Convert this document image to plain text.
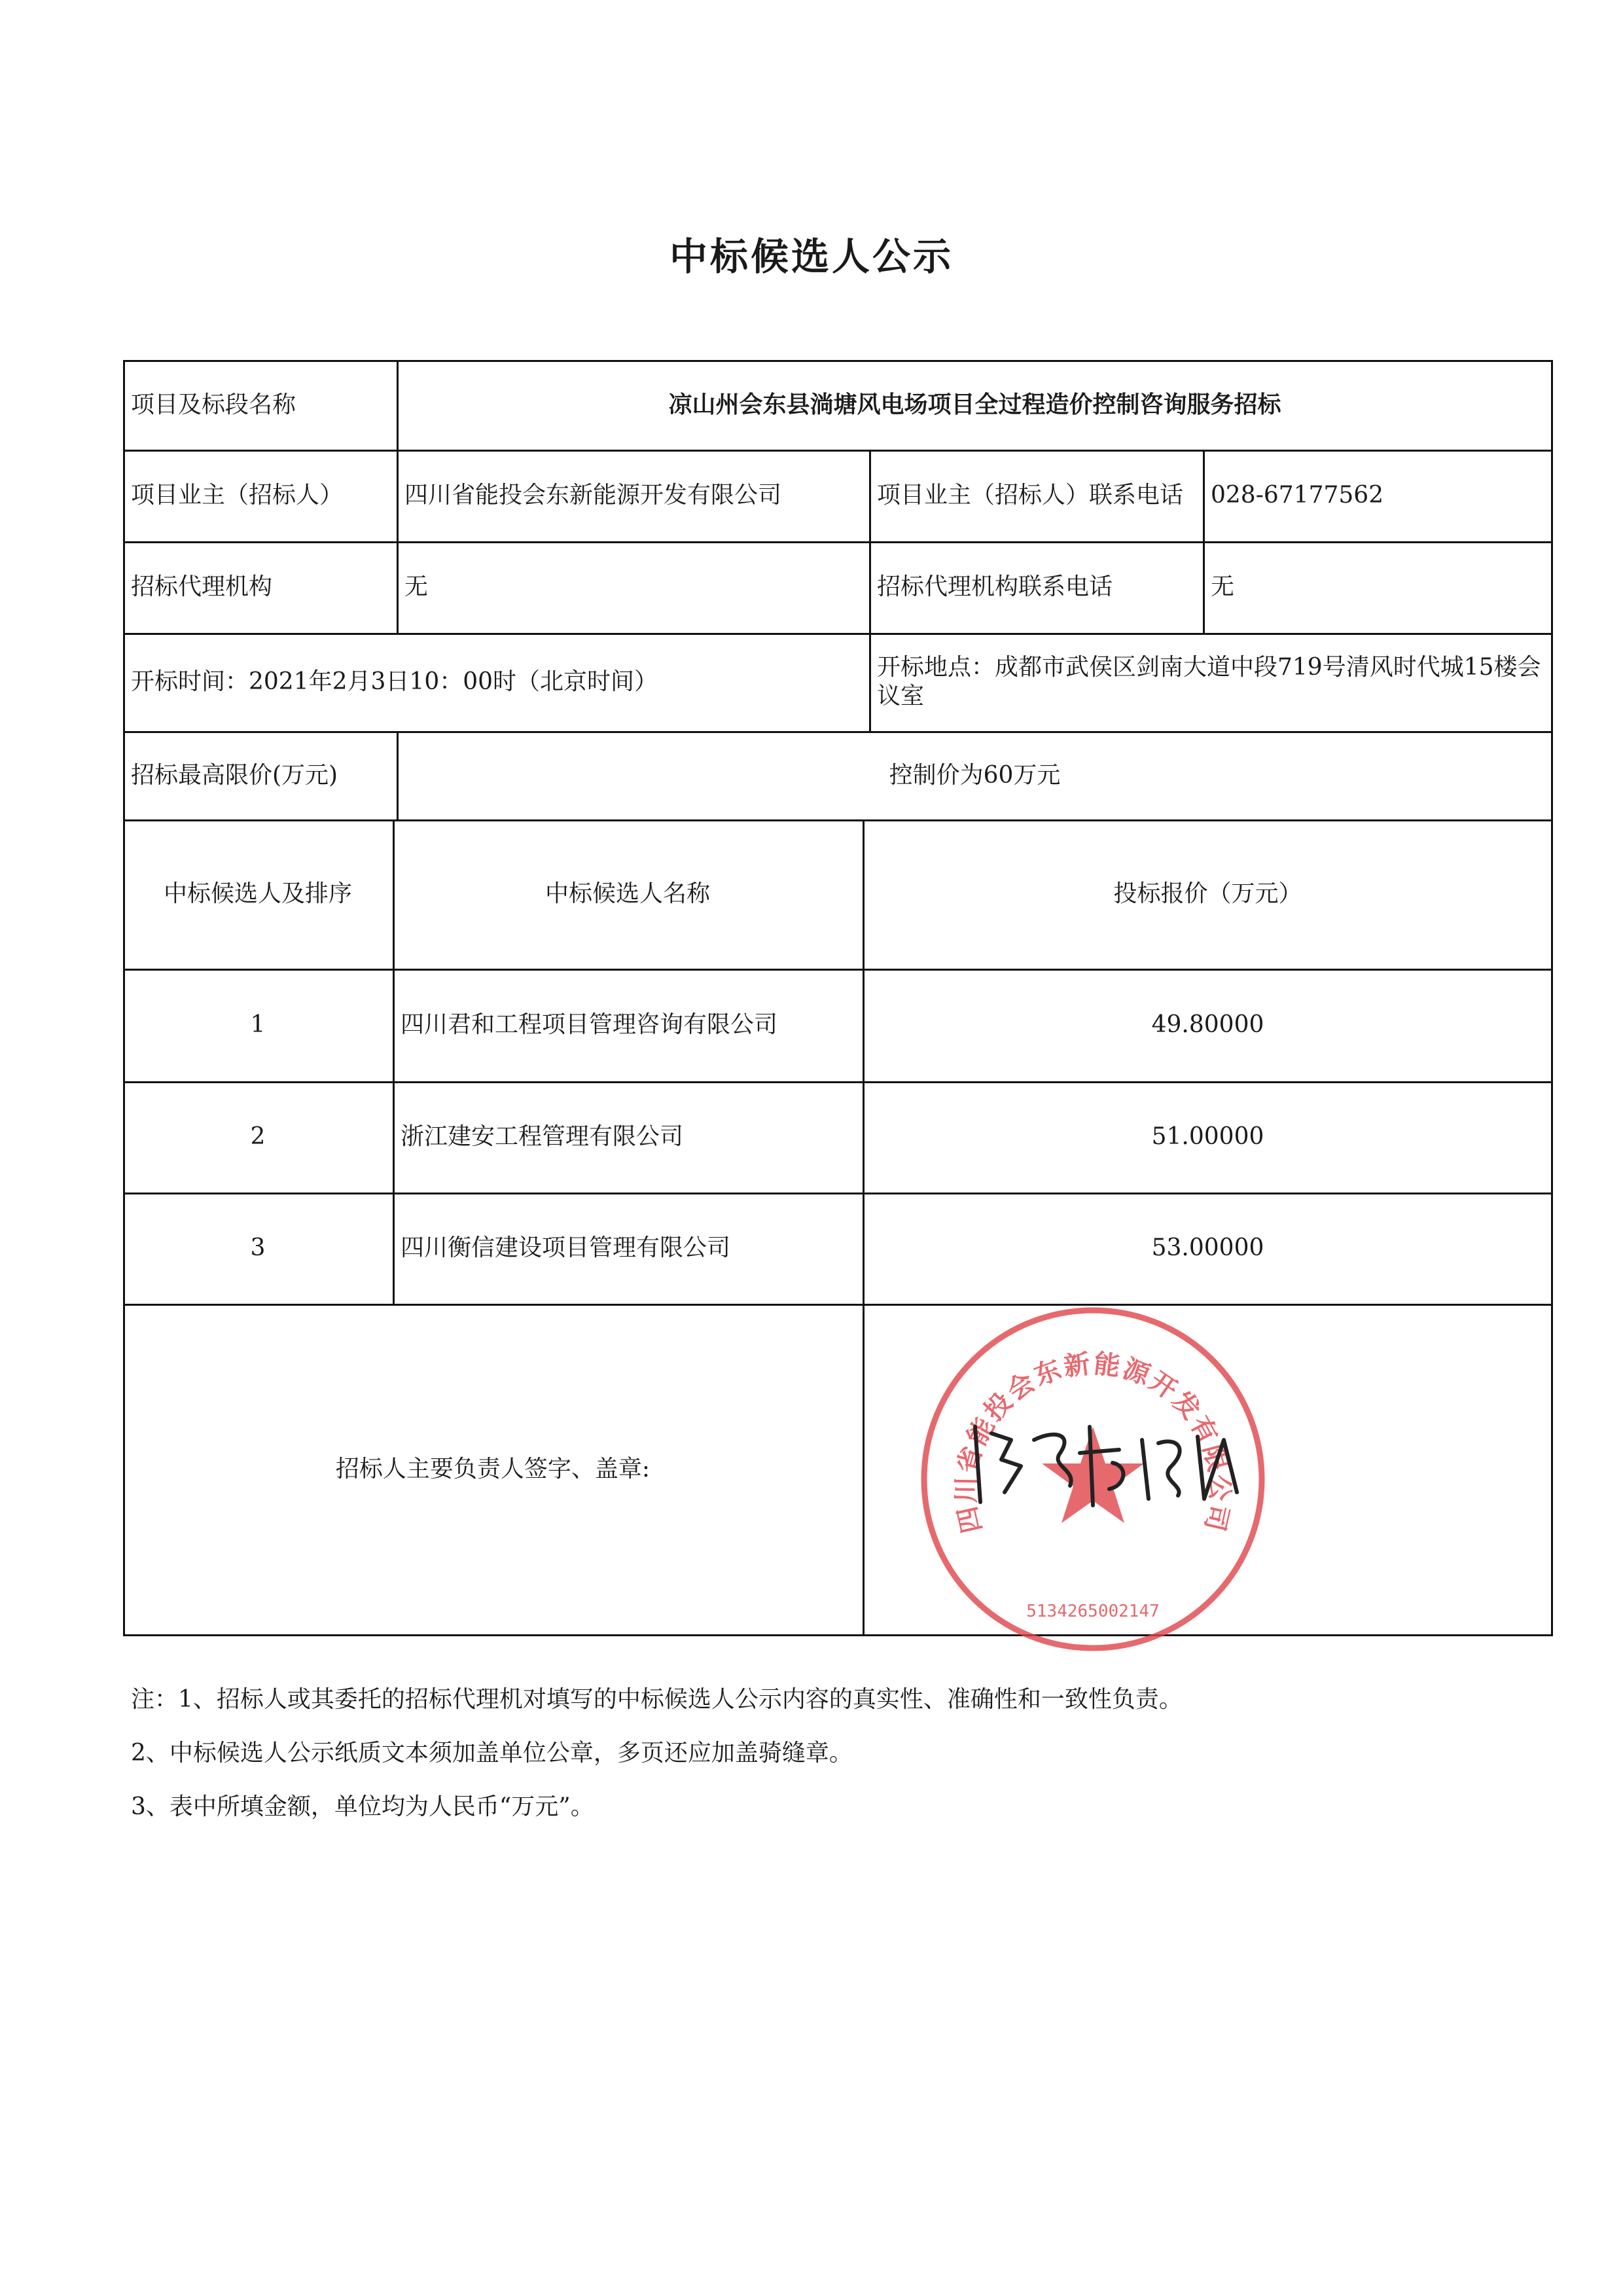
中标候选人公示
项目及标段名称	凉山州会东县淌塘风电场项目全过程造价控制咨询服务招标
项目业主（招标人）	四川省能投会东新能源开发有限公司	项目业主（招标人）联系电话	028-67177562
招标代理机构	无	招标代理机构联系电话	无
开标时间：2021年2月3日10：00时（北京时间）
开标地点：成都市武侯区剑南大道中段719号清风时代城15楼会议室
招标最高限价(万元)	控制价为60万元
中标候选人及排序	中标候选人名称	投标报价（万元）
1	四川君和工程项目管理咨询有限公司	49.80000
2	浙江建安工程管理有限公司	51.00000
3	四川衡信建设项目管理有限公司	53.00000
招标人主要负责人签字、盖章:
四川省能投会东新能源开发有限公司
5134265002147
注：1、招标人或其委托的招标代理机对填写的中标候选人公示内容的真实性、准确性和一致性负责。
2、中标候选人公示纸质文本须加盖单位公章，多页还应加盖骑缝章。
3、表中所填金额，单位均为人民币“万元”。
